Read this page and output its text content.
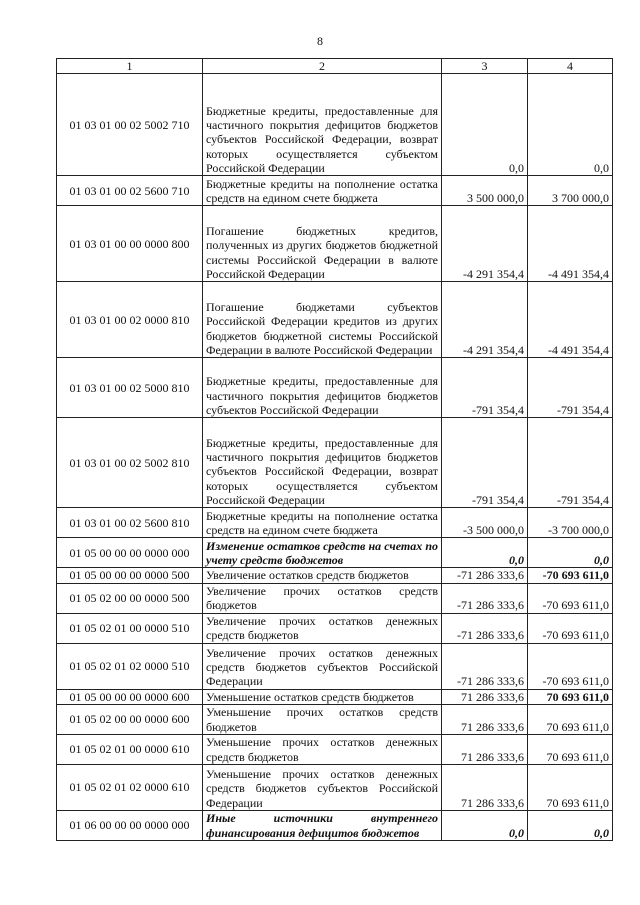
8
1	2	3	4
01 03 01 00 02 5002 710	Бюджетные кредиты, предоставленные для частичного покрытия дефицитов бюджетов субъектов Российской Федерации, возврат которых осуществляется субъектом Российской Федерации	0,0	0,0
01 03 01 00 02 5600 710	Бюджетные кредиты на пополнение остатка средств на едином счете бюджета	3 500 000,0	3 700 000,0
01 03 01 00 00 0000 800	Погашение бюджетных кредитов, полученных из других бюджетов бюджетной системы Российской Федерации в валюте Российской Федерации	-4 291 354,4	-4 491 354,4
01 03 01 00 02 0000 810	Погашение бюджетами субъектов Российской Федерации кредитов из других бюджетов бюджетной системы Российской Федерации в валюте Российской Федерации	-4 291 354,4	-4 491 354,4
01 03 01 00 02 5000 810	Бюджетные кредиты, предоставленные для частичного покрытия дефицитов бюджетов субъектов Российской Федерации	-791 354,4	-791 354,4
01 03 01 00 02 5002 810	Бюджетные кредиты, предоставленные для частичного покрытия дефицитов бюджетов субъектов Российской Федерации, возврат которых осуществляется субъектом Российской Федерации	-791 354,4	-791 354,4
01 03 01 00 02 5600 810	Бюджетные кредиты на пополнение остатка средств на едином счете бюджета	-3 500 000,0	-3 700 000,0
01 05 00 00 00 0000 000	Изменение остатков средств на счетах по учету средств бюджетов	0,0	0,0
01 05 00 00 00 0000 500	Увеличение остатков средств бюджетов	-71 286 333,6	-70 693 611,0
01 05 02 00 00 0000 500	Увеличение прочих остатков средств бюджетов	-71 286 333,6	-70 693 611,0
01 05 02 01 00 0000 510	Увеличение прочих остатков денежных средств бюджетов	-71 286 333,6	-70 693 611,0
01 05 02 01 02 0000 510	Увеличение прочих остатков денежных средств бюджетов субъектов Российской Федерации	-71 286 333,6	-70 693 611,0
01 05 00 00 00 0000 600	Уменьшение остатков средств бюджетов	71 286 333,6	70 693 611,0
01 05 02 00 00 0000 600	Уменьшение прочих остатков средств бюджетов	71 286 333,6	70 693 611,0
01 05 02 01 00 0000 610	Уменьшение прочих остатков денежных средств бюджетов	71 286 333,6	70 693 611,0
01 05 02 01 02 0000 610	Уменьшение прочих остатков денежных средств бюджетов субъектов Российской Федерации	71 286 333,6	70 693 611,0
01 06 00 00 00 0000 000	Иные источники внутреннего финансирования дефицитов бюджетов	0,0	0,0
